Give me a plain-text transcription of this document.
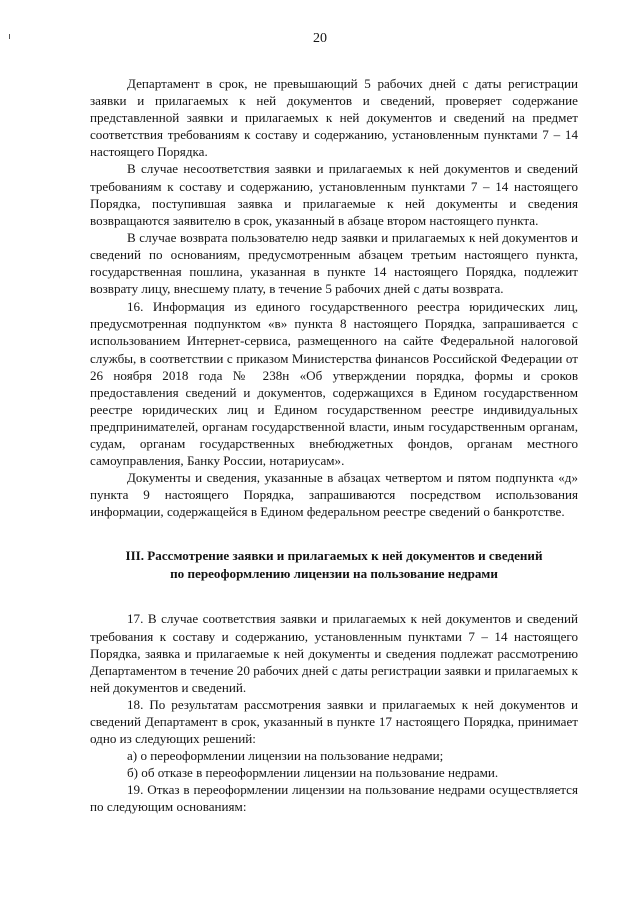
20

Департамент в срок, не превышающий 5 рабочих дней с даты регистрации заявки и прилагаемых к ней документов и сведений, проверяет содержание представленной заявки и прилагаемых к ней документов и сведений на предмет соответствия требованиям к составу и содержанию, установленным пунктами 7 – 14 настоящего Порядка.

В случае несоответствия заявки и прилагаемых к ней документов и сведений требованиям к составу и содержанию, установленным пунктами 7 – 14 настоящего Порядка, поступившая заявка и прилагаемые к ней документы и сведения возвращаются заявителю в срок, указанный в абзаце втором настоящего пункта.

В случае возврата пользователю недр заявки и прилагаемых к ней документов и сведений по основаниям, предусмотренным абзацем третьим настоящего пункта, государственная пошлина, указанная в пункте 14 настоящего Порядка, подлежит возврату лицу, внесшему плату, в течение 5 рабочих дней с даты возврата.

16. Информация из единого государственного реестра юридических лиц, предусмотренная подпунктом «в» пункта 8 настоящего Порядка, запрашивается с использованием Интернет-сервиса, размещенного на сайте Федеральной налоговой службы, в соответствии с приказом Министерства финансов Российской Федерации от 26 ноября 2018 года № 238н «Об утверждении порядка, формы и сроков предоставления сведений и документов, содержащихся в Едином государственном реестре юридических лиц и Едином государственном реестре индивидуальных предпринимателей, органам государственной власти, иным государственным органам, судам, органам государственных внебюджетных фондов, органам местного самоуправления, Банку России, нотариусам».

Документы и сведения, указанные в абзацах четвертом и пятом подпункта «д» пункта 9 настоящего Порядка, запрашиваются посредством использования информации, содержащейся в Едином федеральном реестре сведений о банкротстве.

III. Рассмотрение заявки и прилагаемых к ней документов и сведений
по переоформлению лицензии на пользование недрами

17. В случае соответствия заявки и прилагаемых к ней документов и сведений требования к составу и содержанию, установленным пунктами 7 – 14 настоящего Порядка, заявка и прилагаемые к ней документы и сведения подлежат рассмотрению Департаментом в течение 20 рабочих дней с даты регистрации заявки и прилагаемых к ней документов и сведений.

18. По результатам рассмотрения заявки и прилагаемых к ней документов и сведений Департамент в срок, указанный в пункте 17 настоящего Порядка, принимает одно из следующих решений:

а) о переоформлении лицензии на пользование недрами;

б) об отказе в переоформлении лицензии на пользование недрами.

19. Отказ в переоформлении лицензии на пользование недрами осуществляется по следующим основаниям:
